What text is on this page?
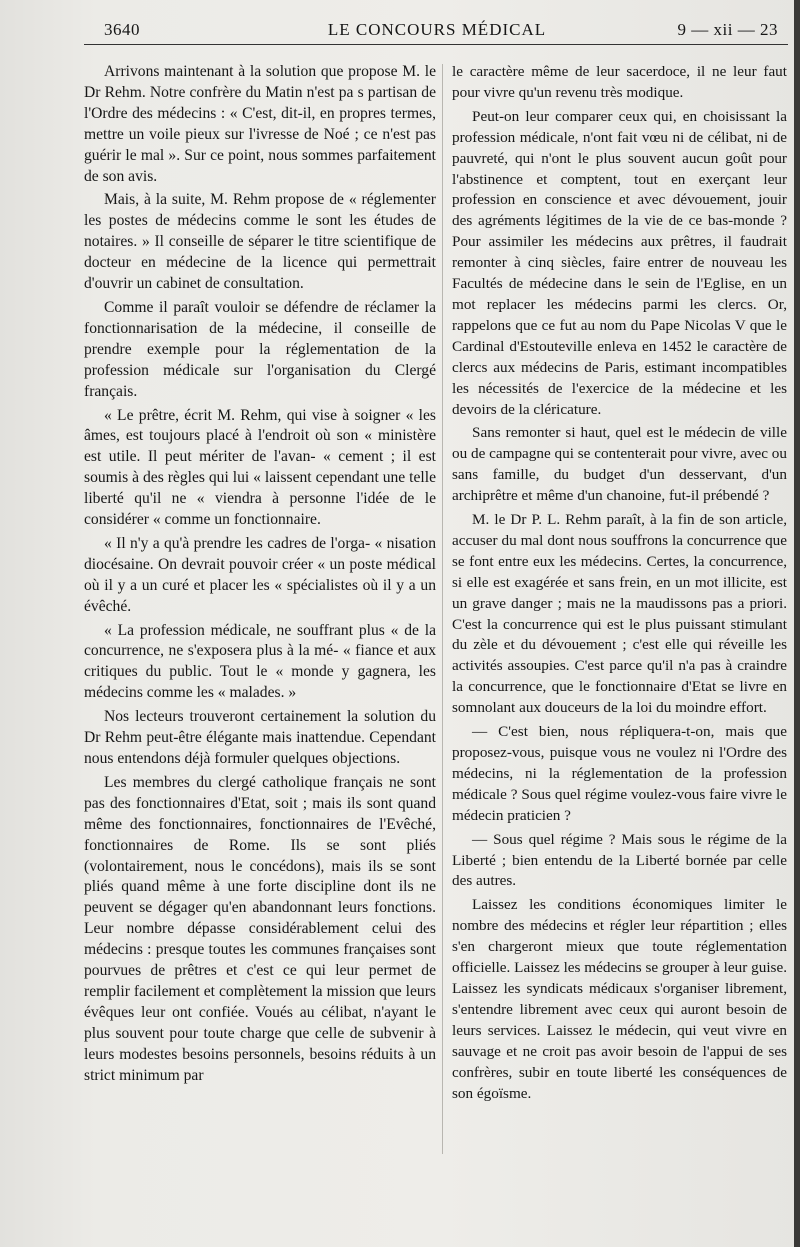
3640	LE CONCOURS MÉDICAL	9 — xii — 23

Arrivons maintenant à la solution que propose M. le Dr Rehm. Notre confrère du Matin n'est pa s partisan de l'Ordre des médecins : « C'est, dit-il, en propres termes, mettre un voile pieux sur l'ivresse de Noé ; ce n'est pas guérir le mal ». Sur ce point, nous sommes parfaitement de son avis.

Mais, à la suite, M. Rehm propose de « réglementer les postes de médecins comme le sont les études de notaires. » Il conseille de séparer le titre scientifique de docteur en médecine de la licence qui permettrait d'ouvrir un cabinet de consultation.

Comme il paraît vouloir se défendre de réclamer la fonctionnarisation de la médecine, il conseille de prendre exemple pour la réglementation de la profession médicale sur l'organisation du Clergé français.

« Le prêtre, écrit M. Rehm, qui vise à soigner « les âmes, est toujours placé à l'endroit où son « ministère est utile. Il peut mériter de l'avan- « cement ; il est soumis à des règles qui lui « laissent cependant une telle liberté qu'il ne « viendra à personne l'idée de le considérer « comme un fonctionnaire.

« Il n'y a qu'à prendre les cadres de l'orga- « nisation diocésaine. On devrait pouvoir créer « un poste médical où il y a un curé et placer les « spécialistes où il y a un évêché.

« La profession médicale, ne souffrant plus « de la concurrence, ne s'exposera plus à la mé- « fiance et aux critiques du public. Tout le « monde y gagnera, les médecins comme les « malades. »

Nos lecteurs trouveront certainement la solution du Dr Rehm peut-être élégante mais inattendue. Cependant nous entendons déjà formuler quelques objections.

Les membres du clergé catholique français ne sont pas des fonctionnaires d'Etat, soit ; mais ils sont quand même des fonctionnaires, fonctionnaires de l'Evêché, fonctionnaires de Rome. Ils se sont pliés (volontairement, nous le concédons), mais ils se sont pliés quand même à une forte discipline dont ils ne peuvent se dégager qu'en abandonnant leurs fonctions. Leur nombre dépasse considérablement celui des médecins : presque toutes les communes françaises sont pourvues de prêtres et c'est ce qui leur permet de remplir facilement et complètement la mission que leurs évêques leur ont confiée. Voués au célibat, n'ayant le plus souvent pour toute charge que celle de subvenir à leurs modestes besoins personnels, besoins réduits à un strict minimum par

le caractère même de leur sacerdoce, il ne leur faut pour vivre qu'un revenu très modique.

Peut-on leur comparer ceux qui, en choisissant la profession médicale, n'ont fait vœu ni de célibat, ni de pauvreté, qui n'ont le plus souvent aucun goût pour l'abstinence et comptent, tout en exerçant leur profession en conscience et avec dévouement, jouir des agréments légitimes de la vie de ce bas-monde ? Pour assimiler les médecins aux prêtres, il faudrait remonter à cinq siècles, faire entrer de nouveau les Facultés de médecine dans le sein de l'Eglise, en un mot replacer les médecins parmi les clercs. Or, rappelons que ce fut au nom du Pape Nicolas V que le Cardinal d'Estouteville enleva en 1452 le caractère de clercs aux médecins de Paris, estimant incompatibles les nécessités de l'exercice de la médecine et les devoirs de la cléricature.

Sans remonter si haut, quel est le médecin de ville ou de campagne qui se contenterait pour vivre, avec ou sans famille, du budget d'un desservant, d'un archiprêtre et même d'un chanoine, fut-il prébendé ?

M. le Dr P. L. Rehm paraît, à la fin de son article, accuser du mal dont nous souffrons la concurrence que se font entre eux les médecins. Certes, la concurrence, si elle est exagérée et sans frein, en un mot illicite, est un grave danger ; mais ne la maudissons pas a priori. C'est la concurrence qui est le plus puissant stimulant du zèle et du dévouement ; c'est elle qui réveille les activités assoupies. C'est parce qu'il n'a pas à craindre la concurrence, que le fonctionnaire d'Etat se livre en somnolant aux douceurs de la loi du moindre effort.

— C'est bien, nous répliquera-t-on, mais que proposez-vous, puisque vous ne voulez ni l'Ordre des médecins, ni la réglementation de la profession médicale ? Sous quel régime voulez-vous faire vivre le médecin praticien ?

— Sous quel régime ? Mais sous le régime de la Liberté ; bien entendu de la Liberté bornée par celle des autres.

Laissez les conditions économiques limiter le nombre des médecins et régler leur répartition ; elles s'en chargeront mieux que toute réglementation officielle. Laissez les médecins se grouper à leur guise. Laissez les syndicats médicaux s'organiser librement, s'entendre librement avec ceux qui auront besoin de leurs services. Laissez le médecin, qui veut vivre en sauvage et ne croit pas avoir besoin de l'appui de ses confrères, subir en toute liberté les conséquences de son égoïsme.
